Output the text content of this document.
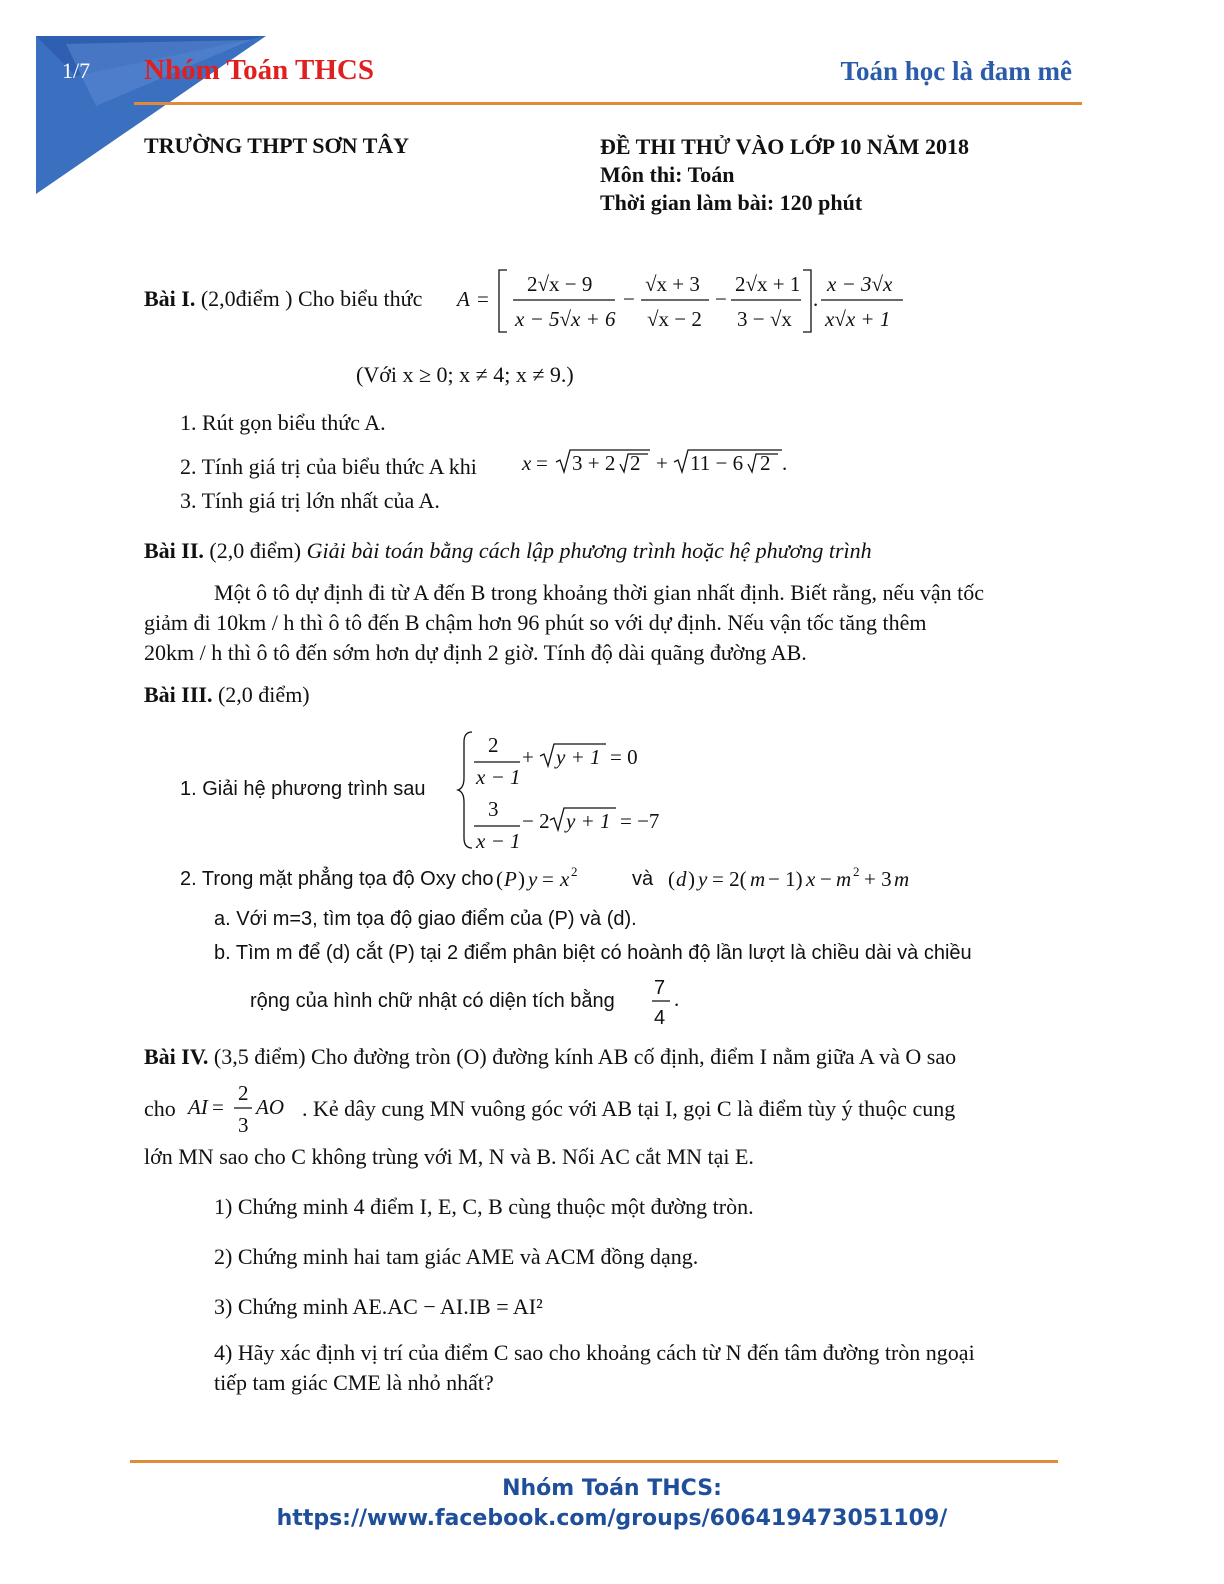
1/7 Nhóm Toán THCS	Toán học là đam mê
TRƯỜNG THPT SƠN TÂY	ĐỀ THI THỬ VÀO LỚP 10 NĂM 2018
Môn thi: Toán
Thời gian làm bài: 120 phút
Bài I. (2,0điểm ) Cho biểu thức A =
2√x − 9
x − 5√x + 6
−
√x + 3
√x − 2
−
2√x + 1
3 − √x
.
x − 3√x
x√x + 1
(Với x ≥ 0; x ≠ 4; x ≠ 9.)
1. Rút gọn biểu thức A.
2. Tính giá trị của biểu thức A khi x = 3 + 2 2 + 11 − 6 2 .
3. Tính giá trị lớn nhất của A.
Bài II. (2,0 điểm) Giải bài toán bằng cách lập phương trình hoặc hệ phương trình
Một ô tô dự định đi từ A đến B trong khoảng thời gian nhất định. Biết rằng, nếu vận tốc
giảm đi 10km / h thì ô tô đến B chậm hơn 96 phút so với dự định. Nếu vận tốc tăng thêm
20km / h thì ô tô đến sớm hơn dự định 2 giờ. Tính độ dài quãng đường AB.
Bài III. (2,0 điểm)
1. Giải hệ phương trình sau
2
x − 1
+ y + 1 = 0
3
x − 1
− 2 y + 1 = −7
2. Trong mặt phẳng tọa độ Oxy cho ( P ) y = x 2	và ( d ) y = 2( m − 1) x − m 2 + 3 m
a. Với m=3, tìm tọa độ giao điểm của (P) và (d).
b. Tìm m để (d) cắt (P) tại 2 điểm phân biệt có hoành độ lần lượt là chiều dài và chiều
rộng của hình chữ nhật có diện tích bằng
7
4
.
Bài IV. (3,5 điểm) Cho đường tròn (O) đường kính AB cố định, điểm I nằm giữa A và O sao
cho AI =
2
3
AO . Kẻ dây cung MN vuông góc với AB tại I, gọi C là điểm tùy ý thuộc cung
lớn MN sao cho C không trùng với M, N và B. Nối AC cắt MN tại E.
1) Chứng minh 4 điểm I, E, C, B cùng thuộc một đường tròn.
2) Chứng minh hai tam giác AME và ACM đồng dạng.
3) Chứng minh AE.AC − AI.IB = AI²
4) Hãy xác định vị trí của điểm C sao cho khoảng cách từ N đến tâm đường tròn ngoại
tiếp tam giác CME là nhỏ nhất?
Nhóm Toán THCS:
https://www.facebook.com/groups/606419473051109/
